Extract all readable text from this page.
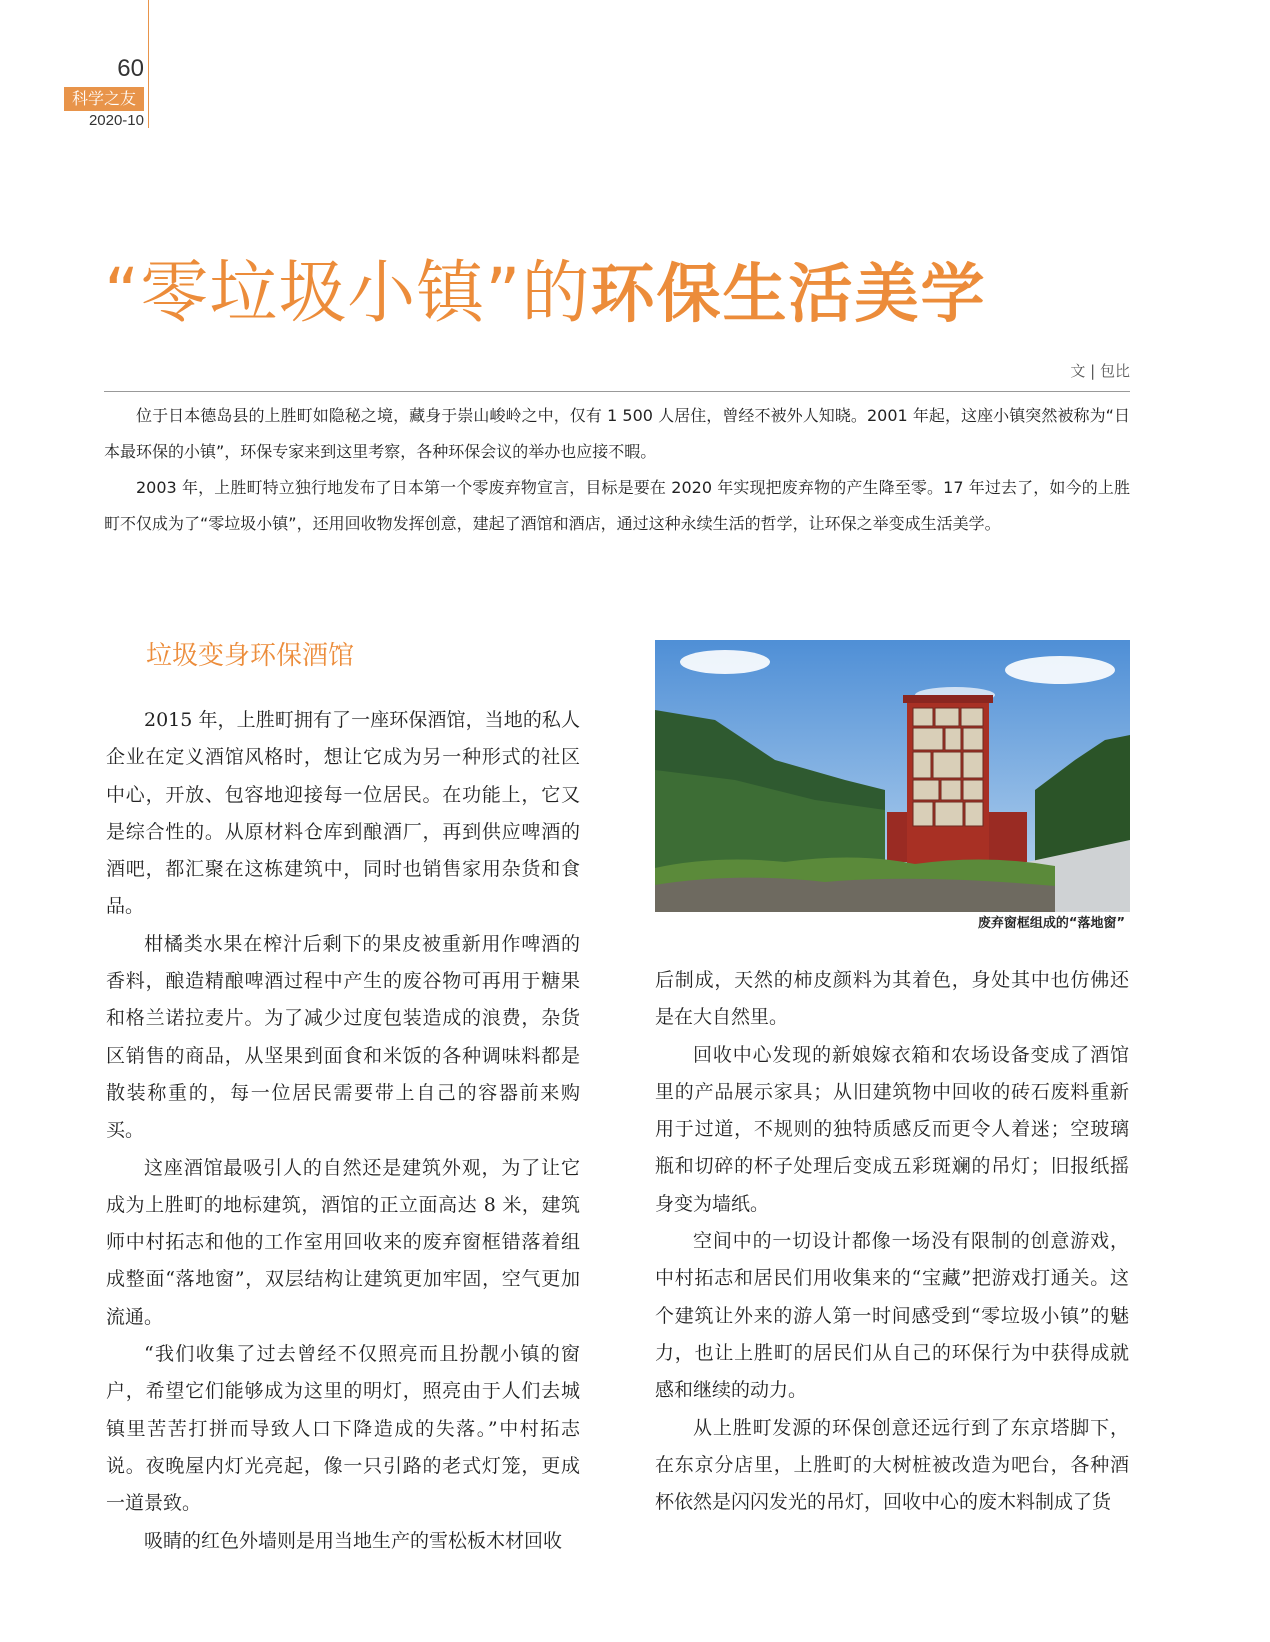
60
科学之友
2020-10
“零垃圾小镇”的环保生活美学
文 | 包比

位于日本德岛县的上胜町如隐秘之境，藏身于崇山峻岭之中，仅有 1 500 人居住，曾经不被外人知晓。2001 年起，这座小镇突然被称为“日本最环保的小镇”，环保专家来到这里考察，各种环保会议的举办也应接不暇。

2003 年，上胜町特立独行地发布了日本第一个零废弃物宣言，目标是要在 2020 年实现把废弃物的产生降至零。17 年过去了，如今的上胜町不仅成为了“零垃圾小镇”，还用回收物发挥创意，建起了酒馆和酒店，通过这种永续生活的哲学，让环保之举变成生活美学。

垃圾变身环保酒馆

2015 年，上胜町拥有了一座环保酒馆，当地的私人企业在定义酒馆风格时，想让它成为另一种形式的社区中心，开放、包容地迎接每一位居民。在功能上，它又是综合性的。从原材料仓库到酿酒厂，再到供应啤酒的酒吧，都汇聚在这栋建筑中，同时也销售家用杂货和食品。

柑橘类水果在榨汁后剩下的果皮被重新用作啤酒的香料，酿造精酿啤酒过程中产生的废谷物可再用于糖果和格兰诺拉麦片。为了减少过度包装造成的浪费，杂货区销售的商品，从坚果到面食和米饭的各种调味料都是散装称重的，每一位居民需要带上自己的容器前来购买。

这座酒馆最吸引人的自然还是建筑外观，为了让它成为上胜町的地标建筑，酒馆的正立面高达 8 米，建筑师中村拓志和他的工作室用回收来的废弃窗框错落着组成整面“落地窗”，双层结构让建筑更加牢固，空气更加流通。

“我们收集了过去曾经不仅照亮而且扮靓小镇的窗户，希望它们能够成为这里的明灯，照亮由于人们去城镇里苦苦打拼而导致人口下降造成的失落。”中村拓志说。夜晚屋内灯光亮起，像一只引路的老式灯笼，更成一道景致。

吸睛的红色外墙则是用当地生产的雪松板木材回收

废弃窗框组成的“落地窗”

后制成，天然的柿皮颜料为其着色，身处其中也仿佛还是在大自然里。

回收中心发现的新娘嫁衣箱和农场设备变成了酒馆里的产品展示家具；从旧建筑物中回收的砖石废料重新用于过道，不规则的独特质感反而更令人着迷；空玻璃瓶和切碎的杯子处理后变成五彩斑斓的吊灯；旧报纸摇身变为墙纸。

空间中的一切设计都像一场没有限制的创意游戏，中村拓志和居民们用收集来的“宝藏”把游戏打通关。这个建筑让外来的游人第一时间感受到“零垃圾小镇”的魅力，也让上胜町的居民们从自己的环保行为中获得成就感和继续的动力。

从上胜町发源的环保创意还远行到了东京塔脚下，在东京分店里，上胜町的大树桩被改造为吧台，各种酒杯依然是闪闪发光的吊灯，回收中心的废木料制成了货
